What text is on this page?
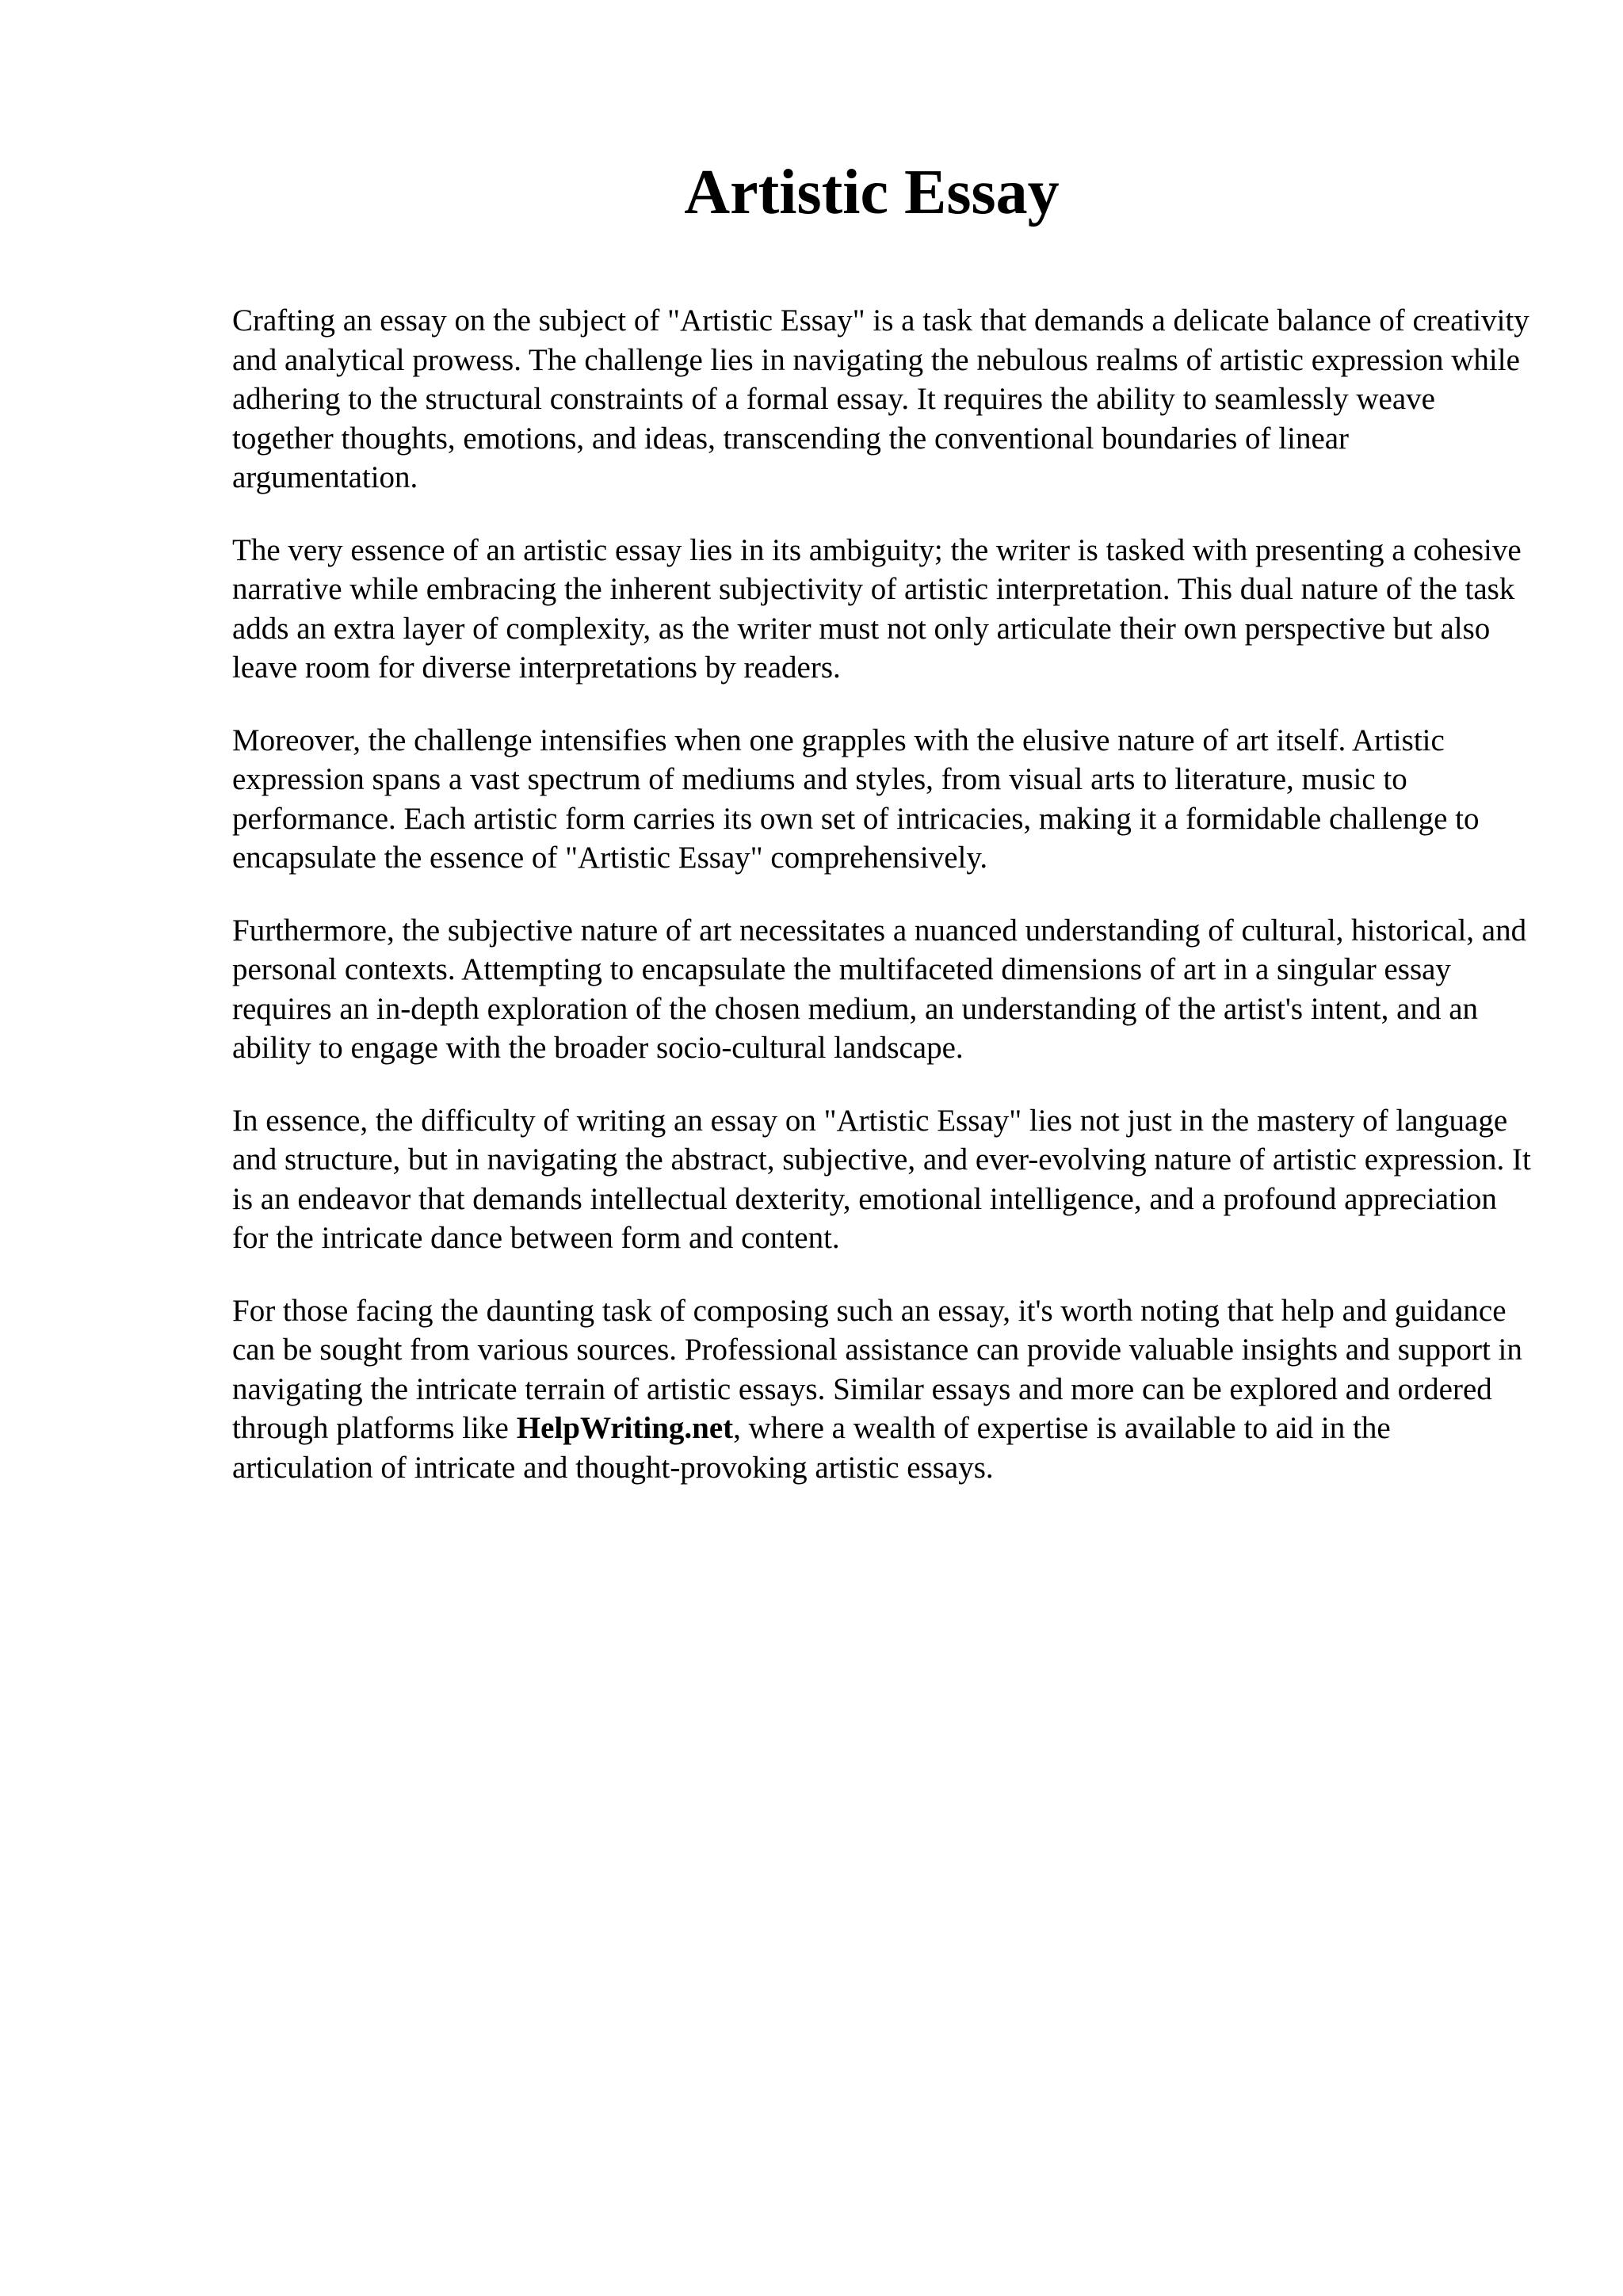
Artistic Essay

Crafting an essay on the subject of "Artistic Essay" is a task that demands a delicate balance of creativity and analytical prowess. The challenge lies in navigating the nebulous realms of artistic expression while adhering to the structural constraints of a formal essay. It requires the ability to seamlessly weave together thoughts, emotions, and ideas, transcending the conventional boundaries of linear argumentation.

The very essence of an artistic essay lies in its ambiguity; the writer is tasked with presenting a cohesive narrative while embracing the inherent subjectivity of artistic interpretation. This dual nature of the task adds an extra layer of complexity, as the writer must not only articulate their own perspective but also leave room for diverse interpretations by readers.

Moreover, the challenge intensifies when one grapples with the elusive nature of art itself. Artistic expression spans a vast spectrum of mediums and styles, from visual arts to literature, music to performance. Each artistic form carries its own set of intricacies, making it a formidable challenge to encapsulate the essence of "Artistic Essay" comprehensively.

Furthermore, the subjective nature of art necessitates a nuanced understanding of cultural, historical, and personal contexts. Attempting to encapsulate the multifaceted dimensions of art in a singular essay requires an in-depth exploration of the chosen medium, an understanding of the artist's intent, and an ability to engage with the broader socio-cultural landscape.

In essence, the difficulty of writing an essay on "Artistic Essay" lies not just in the mastery of language and structure, but in navigating the abstract, subjective, and ever-evolving nature of artistic expression. It is an endeavor that demands intellectual dexterity, emotional intelligence, and a profound appreciation for the intricate dance between form and content.

For those facing the daunting task of composing such an essay, it's worth noting that help and guidance can be sought from various sources. Professional assistance can provide valuable insights and support in navigating the intricate terrain of artistic essays. Similar essays and more can be explored and ordered through platforms like HelpWriting.net, where a wealth of expertise is available to aid in the articulation of intricate and thought-provoking artistic essays.
